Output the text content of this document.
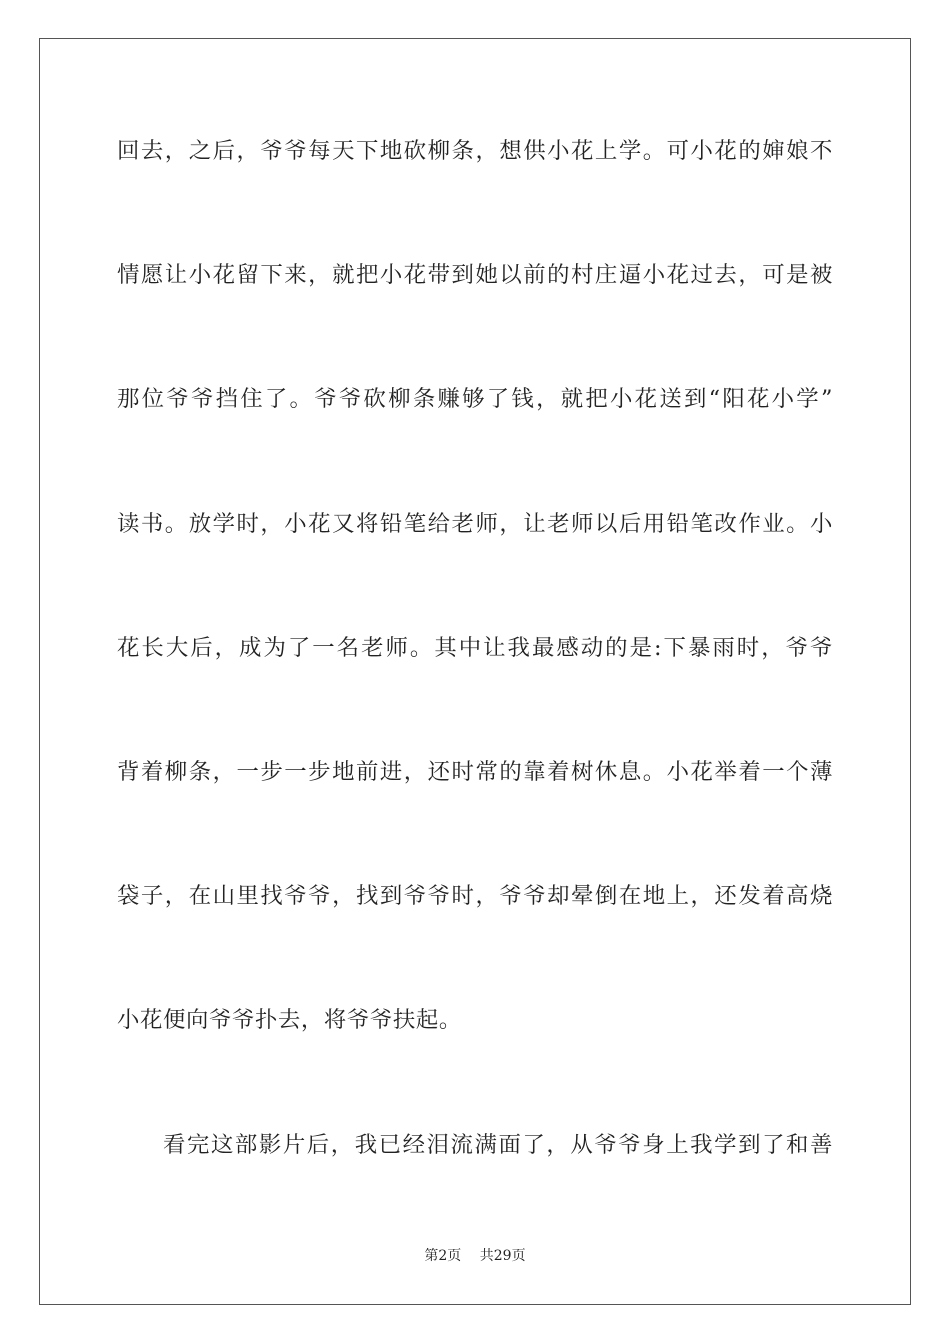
回去，之后，爷爷每天下地砍柳条，想供小花上学。可小花的婶娘不
情愿让小花留下来，就把小花带到她以前的村庄逼小花过去，可是被
那位爷爷挡住了。爷爷砍柳条赚够了钱，就把小花送到“阳花小学”
读书。放学时，小花又将铅笔给老师，让老师以后用铅笔改作业。小
花长大后，成为了一名老师。其中让我最感动的是:下暴雨时，爷爷
背着柳条，一步一步地前进，还时常的靠着树休息。小花举着一个薄
袋子，在山里找爷爷，找到爷爷时，爷爷却晕倒在地上，还发着高烧
小花便向爷爷扑去，将爷爷扶起。
看完这部影片后，我已经泪流满面了，从爷爷身上我学到了和善
第2页 共29页
